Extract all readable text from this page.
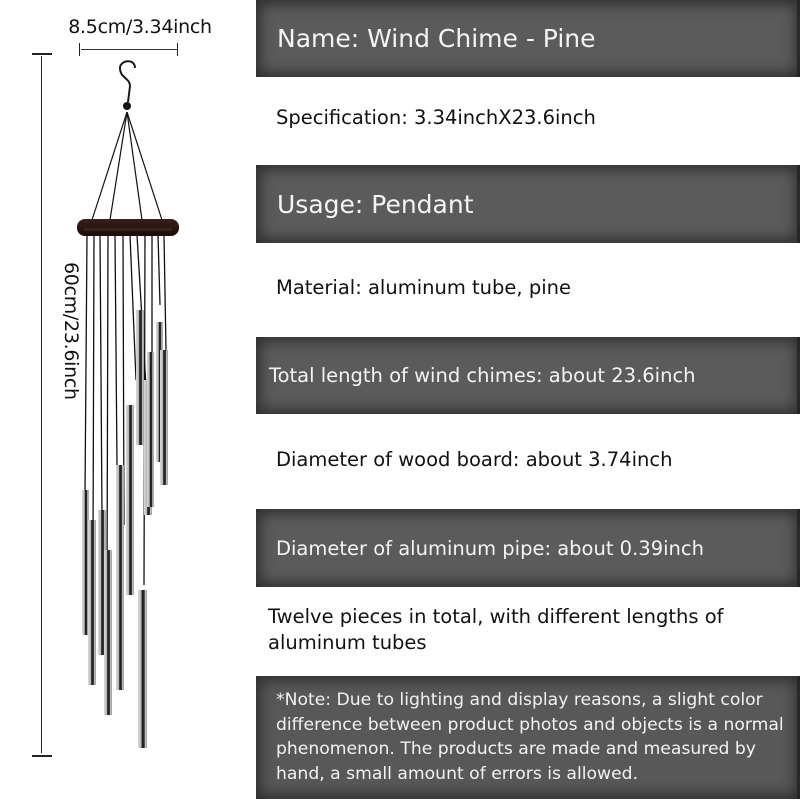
8.5cm/3.34inch
60cm/23.6inch
Name: Wind Chime - Pine
Specification: 3.34inchX23.6inch
Usage: Pendant
Material: aluminum tube, pine
Total length of wind chimes: about 23.6inch
Diameter of wood board: about 3.74inch
Diameter of aluminum pipe: about 0.39inch
Twelve pieces in total, with different lengths of aluminum tubes
*Note: Due to lighting and display reasons, a slight color difference between product photos and objects is a normal phenomenon. The products are made and measured by hand, a small amount of errors is allowed.
